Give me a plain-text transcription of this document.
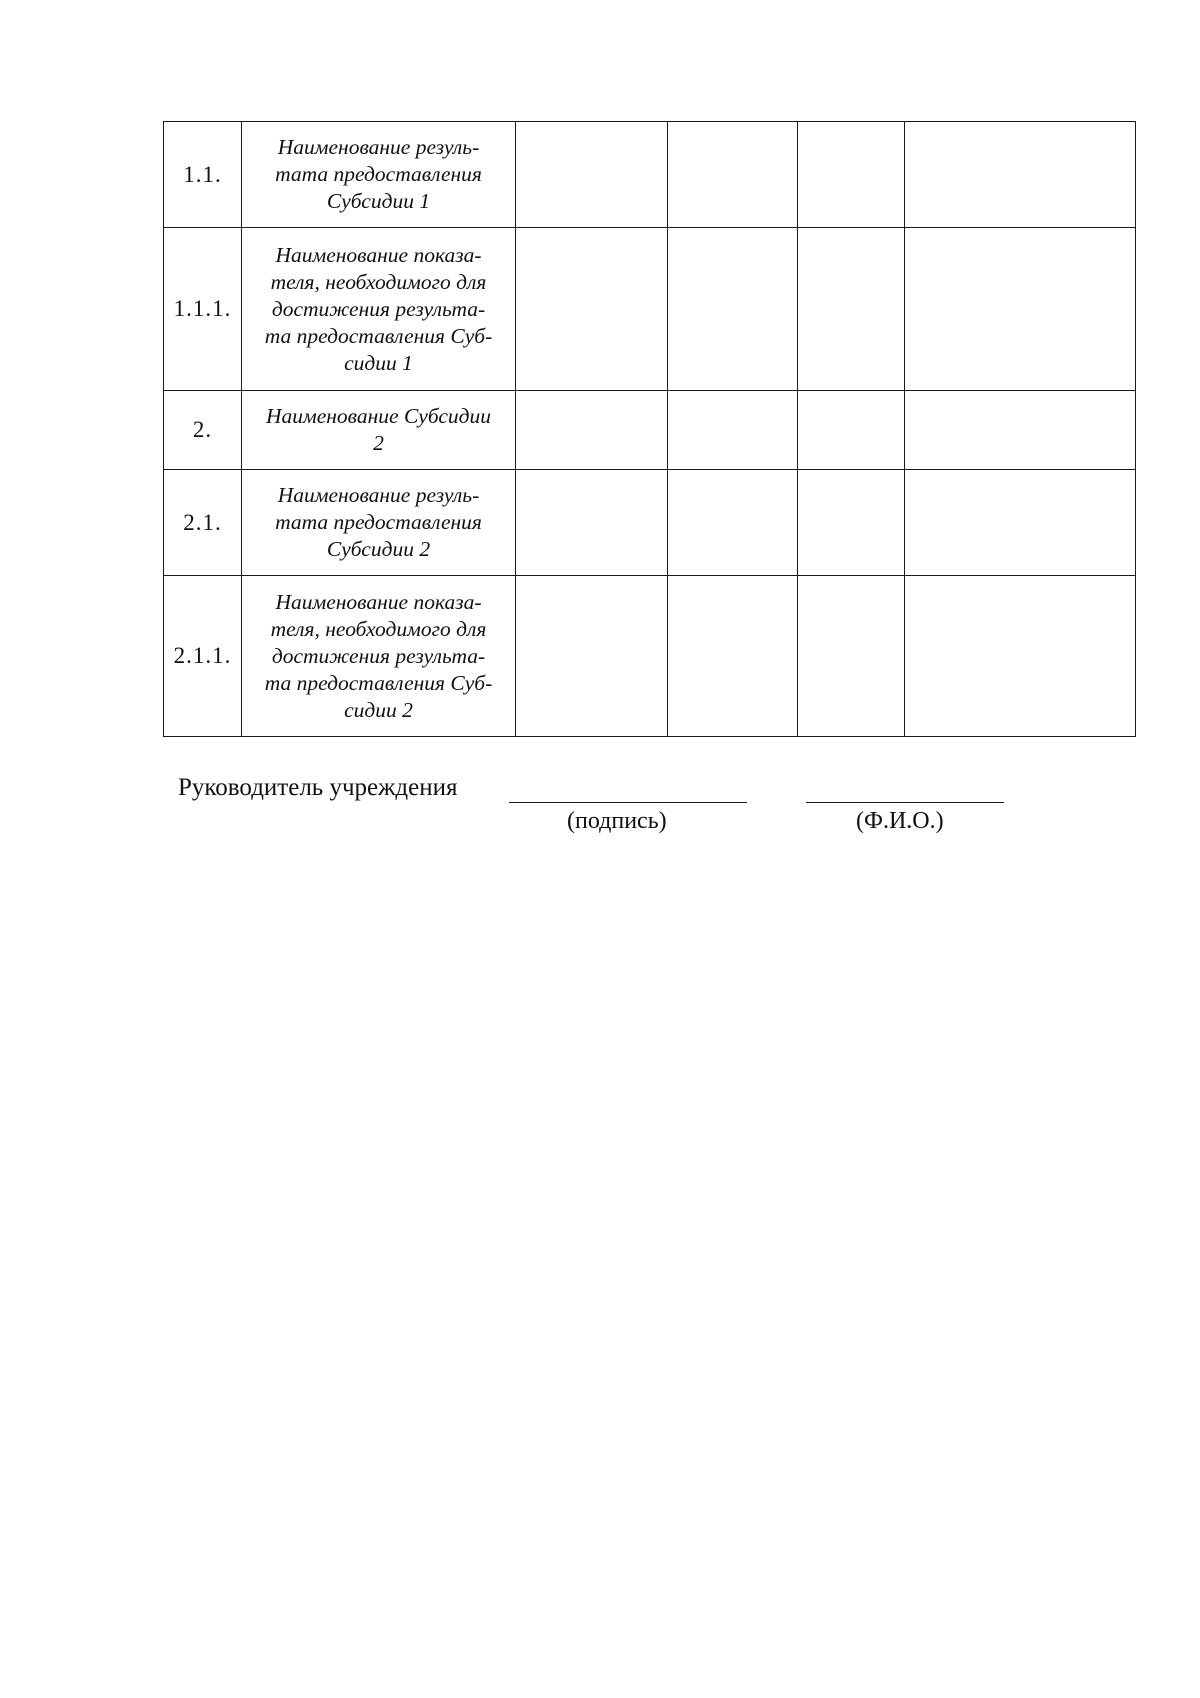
1.1.	Наименование резуль-
тата предоставления
Субсидии 1				
1.1.1.	Наименование показа-
теля, необходимого для
достижения результа-
та предоставления Суб-
сидии 1				
2.	Наименование Субсидии
2				
2.1.	Наименование резуль-
тата предоставления
Субсидии 2				
2.1.1.	Наименование показа-
теля, необходимого для
достижения результа-
та предоставления Суб-
сидии 2				
Руководитель учреждения
(подпись)	(Ф.И.О.)
